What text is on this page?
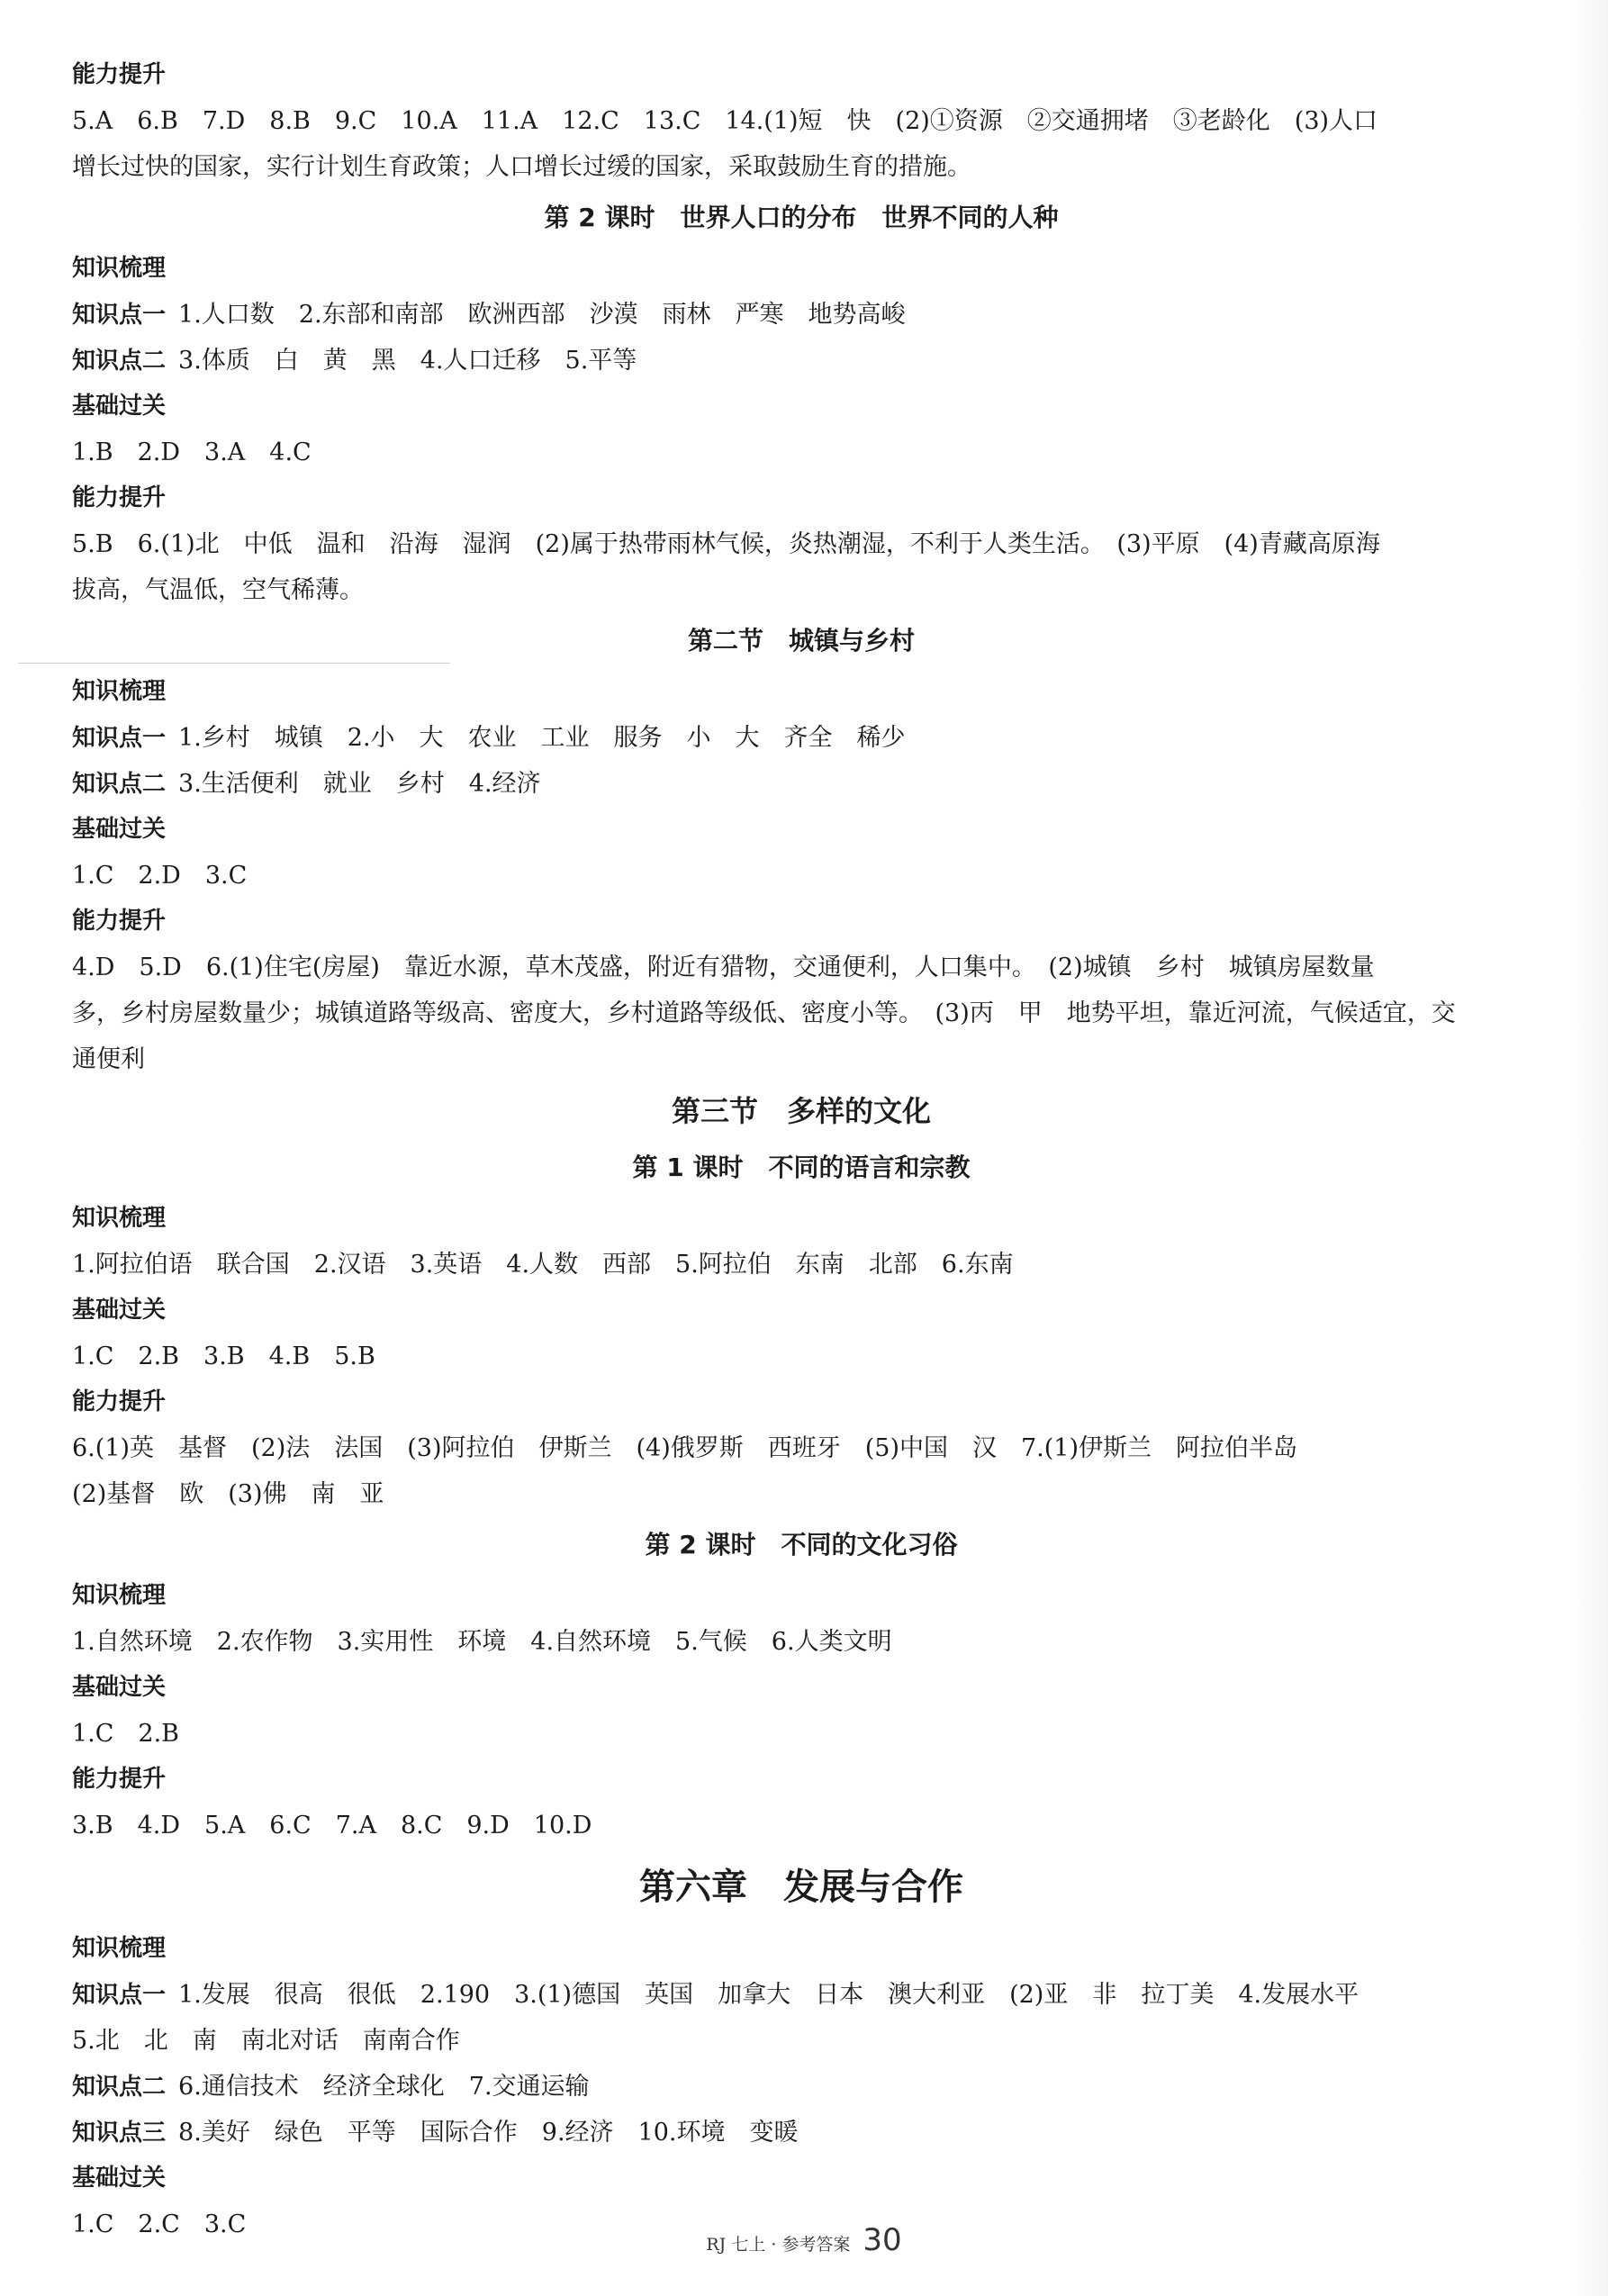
能力提升
5.A　6.B　7.D　8.B　9.C　10.A　11.A　12.C　13.C　14.(1)短　快　(2)①资源　②交通拥堵　③老龄化　(3)人口
增长过快的国家，实行计划生育政策；人口增长过缓的国家，采取鼓励生育的措施。
第 2 课时　世界人口的分布　世界不同的人种
知识梳理
知识点一 1.人口数　2.东部和南部　欧洲西部　沙漠　雨林　严寒　地势高峻
知识点二 3.体质　白　黄　黑　4.人口迁移　5.平等
基础过关
1.B　2.D　3.A　4.C
能力提升
5.B　6.(1)北　中低　温和　沿海　湿润　(2)属于热带雨林气候，炎热潮湿，不利于人类生活。　(3)平原　(4)青藏高原海
拔高，气温低，空气稀薄。
第二节　城镇与乡村
知识梳理
知识点一 1.乡村　城镇　2.小　大　农业　工业　服务　小　大　齐全　稀少
知识点二 3.生活便利　就业　乡村　4.经济
基础过关
1.C　2.D　3.C
能力提升
4.D　5.D　6.(1)住宅(房屋)　靠近水源，草木茂盛，附近有猎物，交通便利，人口集中。　(2)城镇　乡村　城镇房屋数量
多，乡村房屋数量少；城镇道路等级高、密度大，乡村道路等级低、密度小等。　(3)丙　甲　地势平坦，靠近河流，气候适宜，交
通便利
第三节　多样的文化
第 1 课时　不同的语言和宗教
知识梳理
1.阿拉伯语　联合国　2.汉语　3.英语　4.人数　西部　5.阿拉伯　东南　北部　6.东南
基础过关
1.C　2.B　3.B　4.B　5.B
能力提升
6.(1)英　基督　(2)法　法国　(3)阿拉伯　伊斯兰　(4)俄罗斯　西班牙　(5)中国　汉　7.(1)伊斯兰　阿拉伯半岛
(2)基督　欧　(3)佛　南　亚
第 2 课时　不同的文化习俗
知识梳理
1.自然环境　2.农作物　3.实用性　环境　4.自然环境　5.气候　6.人类文明
基础过关
1.C　2.B
能力提升
3.B　4.D　5.A　6.C　7.A　8.C　9.D　10.D
第六章　发展与合作
知识梳理
知识点一 1.发展　很高　很低　2.190　3.(1)德国　英国　加拿大　日本　澳大利亚　(2)亚　非　拉丁美　4.发展水平
5.北　北　南　南北对话　南南合作
知识点二 6.通信技术　经济全球化　7.交通运输
知识点三 8.美好　绿色　平等　国际合作　9.经济　10.环境　变暖
基础过关
1.C　2.C　3.C
RJ 七上 · 参考答案 30
